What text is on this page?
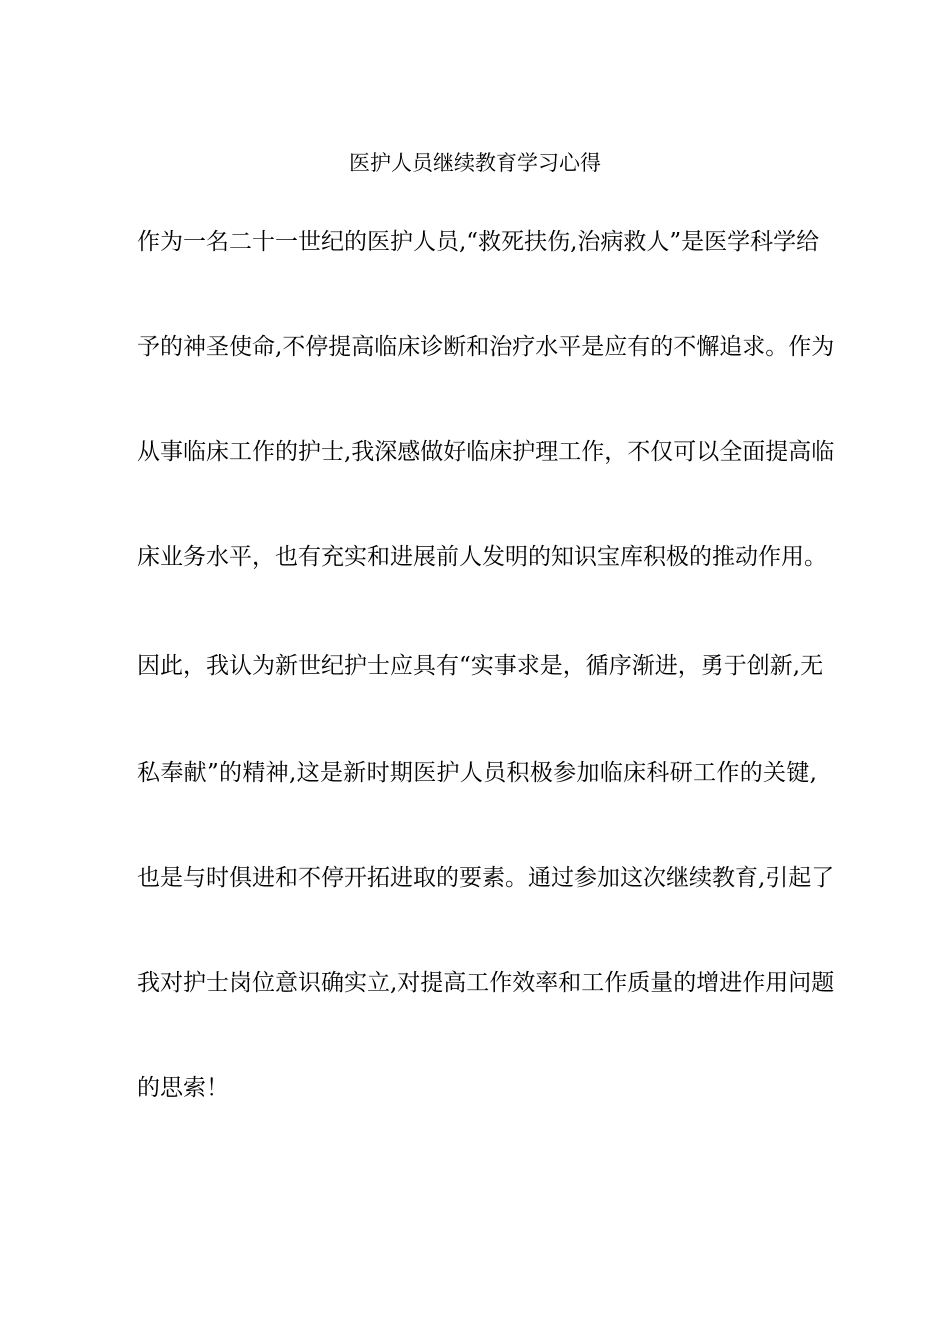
医护人员继续教育学习心得
作为一名二十一世纪的医护人员,“救死扶伤,治病救人”是医学科学给
予的神圣使命,不停提高临床诊断和治疗水平是应有的不懈追求。作为
从事临床工作的护士,我深感做好临床护理工作，不仅可以全面提高临
床业务水平，也有充实和进展前人发明的知识宝库积极的推动作用。
因此，我认为新世纪护士应具有“实事求是，循序渐进，勇于创新,无
私奉献”的精神,这是新时期医护人员积极参加临床科研工作的关键,
也是与时俱进和不停开拓进取的要素。通过参加这次继续教育,引起了
我对护士岗位意识确实立,对提高工作效率和工作质量的增进作用问题
的思索！
